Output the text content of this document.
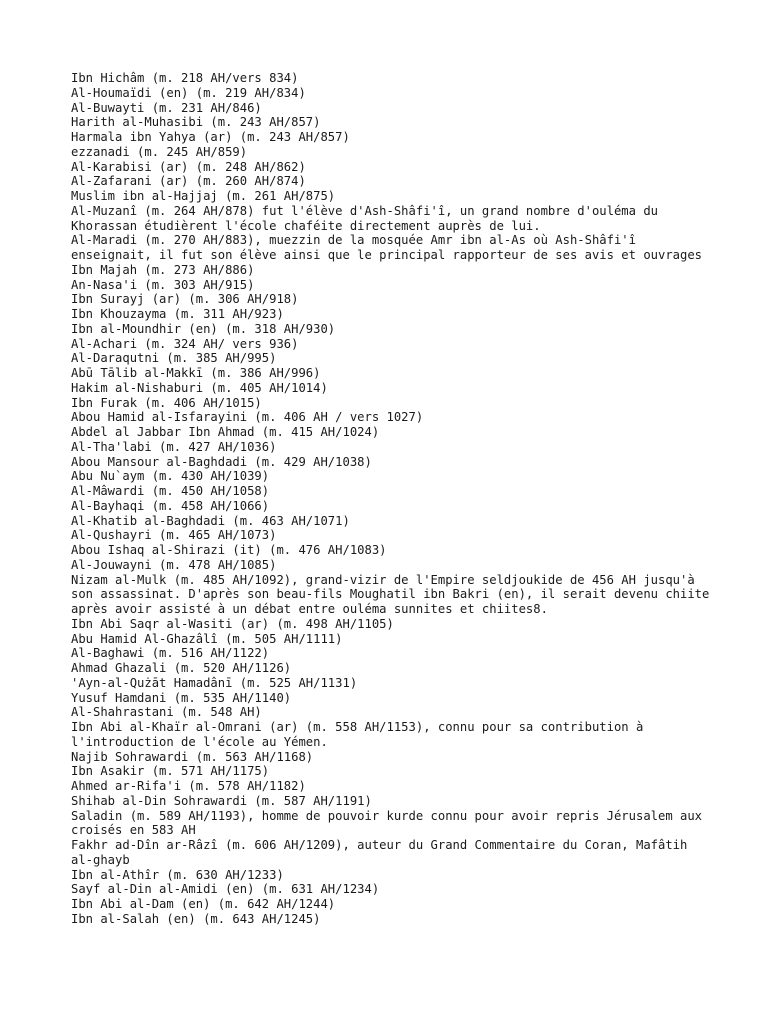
Ibn Hichâm (m. 218 AH/vers 834)
Al-Houmaïdi (en) (m. 219 AH/834)
Al-Buwayti (m. 231 AH/846)
Harith al-Muhasibi (m. 243 AH/857)
Harmala ibn Yahya (ar) (m. 243 AH/857)
ezzanadi (m. 245 AH/859)
Al-Karabisi (ar) (m. 248 AH/862)
Al-Zafarani (ar) (m. 260 AH/874)
Muslim ibn al-Hajjaj (m. 261 AH/875)
Al-Muzanî (m. 264 AH/878) fut l'élève d'Ash-Shâfi'î, un grand nombre d'ouléma du Khorassan étudièrent l'école chaféite directement auprès de lui.
Al-Maradi (m. 270 AH/883), muezzin de la mosquée Amr ibn al-As où Ash-Shâfi'î enseignait, il fut son élève ainsi que le principal rapporteur de ses avis et ouvrages
Ibn Majah (m. 273 AH/886)
An-Nasa'i (m. 303 AH/915)
Ibn Surayj (ar) (m. 306 AH/918)
Ibn Khouzayma (m. 311 AH/923)
Ibn al-Moundhir (en) (m. 318 AH/930)
Al-Achari (m. 324 AH/ vers 936)
Al-Daraqutni (m. 385 AH/995)
Abū Tālib al-Makkī (m. 386 AH/996)
Hakim al-Nishaburi (m. 405 AH/1014)
Ibn Furak (m. 406 AH/1015)
Abou Hamid al-Isfarayini (m. 406 AH / vers 1027)
Abdel al Jabbar Ibn Ahmad (m. 415 AH/1024)
Al-Tha'labi (m. 427 AH/1036)
Abou Mansour al-Baghdadi (m. 429 AH/1038)
Abu Nu`aym (m. 430 AH/1039)
Al-Mâwardi (m. 450 AH/1058)
Al-Bayhaqi (m. 458 AH/1066)
Al-Khatib al-Baghdadi (m. 463 AH/1071)
Al-Qushayri (m. 465 AH/1073)
Abou Ishaq al-Shirazi (it) (m. 476 AH/1083)
Al-Jouwayni (m. 478 AH/1085)
Nizam al-Mulk (m. 485 AH/1092), grand-vizir de l'Empire seldjoukide de 456 AH jusqu'à son assassinat. D'après son beau-fils Moughatil ibn Bakri (en), il serait devenu chiite après avoir assisté à un débat entre ouléma sunnites et chiites8.
Ibn Abi Saqr al-Wasiti (ar) (m. 498 AH/1105)
Abu Hamid Al-Ghazâlî (m. 505 AH/1111)
Al-Baghawi (m. 516 AH/1122)
Ahmad Ghazali (m. 520 AH/1126)
'Ayn-al-Qużāt Hamadânī (m. 525 AH/1131)
Yusuf Hamdani (m. 535 AH/1140)
Al-Shahrastani (m. 548 AH)
Ibn Abi al-Khaïr al-Omrani (ar) (m. 558 AH/1153), connu pour sa contribution à l'introduction de l'école au Yémen.
Najib Sohrawardi (m. 563 AH/1168)
Ibn Asakir (m. 571 AH/1175)
Ahmed ar-Rifa'i (m. 578 AH/1182)
Shihab al-Din Sohrawardi (m. 587 AH/1191)
Saladin (m. 589 AH/1193), homme de pouvoir kurde connu pour avoir repris Jérusalem aux croisés en 583 AH
Fakhr ad-Dîn ar-Râzî (m. 606 AH/1209), auteur du Grand Commentaire du Coran, Mafâtih al-ghayb
Ibn al-Athîr (m. 630 AH/1233)
Sayf al-Din al-Amidi (en) (m. 631 AH/1234)
Ibn Abi al-Dam (en) (m. 642 AH/1244)
Ibn al-Salah (en) (m. 643 AH/1245)
